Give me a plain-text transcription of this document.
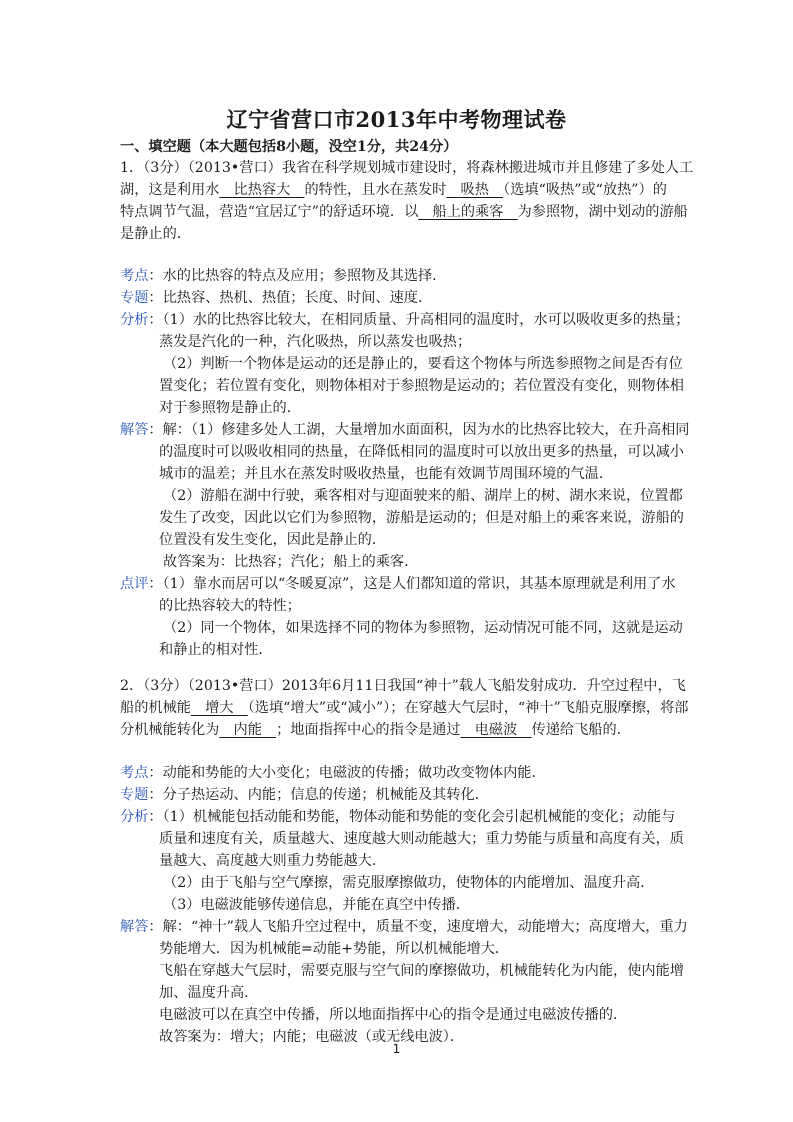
辽宁省营口市2013年中考物理试卷
一、填空题（本大题包括8小题，没空1分，共24分）
1．（3分）（2013•营口）我省在科学规划城市建设时，将森林搬进城市并且修建了多处人工
湖，这是利用水　比热容大　的特性，且水在蒸发时　吸热　（选填“吸热”或“放热”）的
特点调节气温，营造“宜居辽宁”的舒适环境．以　船上的乘客　为参照物，湖中划动的游船
是静止的．
考点：水的比热容的特点及应用；参照物及其选择．
专题：比热容、热机、热值；长度、时间、速度．
分析：（1）水的比热容比较大，在相同质量、升高相同的温度时，水可以吸收更多的热量；
蒸发是汽化的一种，汽化吸热，所以蒸发也吸热；
（2）判断一个物体是运动的还是静止的，要看这个物体与所选参照物之间是否有位
置变化；若位置有变化，则物体相对于参照物是运动的；若位置没有变化，则物体相
对于参照物是静止的．
解答：解：（1）修建多处人工湖，大量增加水面面积，因为水的比热容比较大，在升高相同
的温度时可以吸收相同的热量，在降低相同的温度时可以放出更多的热量，可以减小
城市的温差；并且水在蒸发时吸收热量，也能有效调节周围环境的气温．
（2）游船在湖中行驶，乘客相对与迎面驶来的船、湖岸上的树、湖水来说，位置都
发生了改变，因此以它们为参照物，游船是运动的；但是对船上的乘客来说，游船的
位置没有发生变化，因此是静止的．
故答案为：比热容；汽化；船上的乘客．
点评：（1）靠水而居可以“冬暖夏凉”，这是人们都知道的常识，其基本原理就是利用了水
的比热容较大的特性；
（2）同一个物体，如果选择不同的物体为参照物，运动情况可能不同，这就是运动
和静止的相对性．
2．（3分）（2013•营口）2013年6月11日我国“神十”载人飞船发射成功．升空过程中，飞
船的机械能　增大　（选填“增大”或“减小”）；在穿越大气层时，“神十”飞船克服摩擦，将部
分机械能转化为　内能　；地面指挥中心的指令是通过　电磁波　传递给飞船的．
考点：动能和势能的大小变化；电磁波的传播；做功改变物体内能．
专题：分子热运动、内能；信息的传递；机械能及其转化．
分析：（1）机械能包括动能和势能，物体动能和势能的变化会引起机械能的变化；动能与
质量和速度有关，质量越大、速度越大则动能越大；重力势能与质量和高度有关，质
量越大、高度越大则重力势能越大．
（2）由于飞船与空气摩擦，需克服摩擦做功，使物体的内能增加、温度升高．
（3）电磁波能够传递信息，并能在真空中传播．
解答：解：“神十”载人飞船升空过程中，质量不变，速度增大，动能增大；高度增大，重力
势能增大．因为机械能=动能+势能，所以机械能增大．
飞船在穿越大气层时，需要克服与空气间的摩擦做功，机械能转化为内能，使内能增
加、温度升高．
电磁波可以在真空中传播，所以地面指挥中心的指令是通过电磁波传播的．
故答案为：增大；内能；电磁波（或无线电波）．
1
